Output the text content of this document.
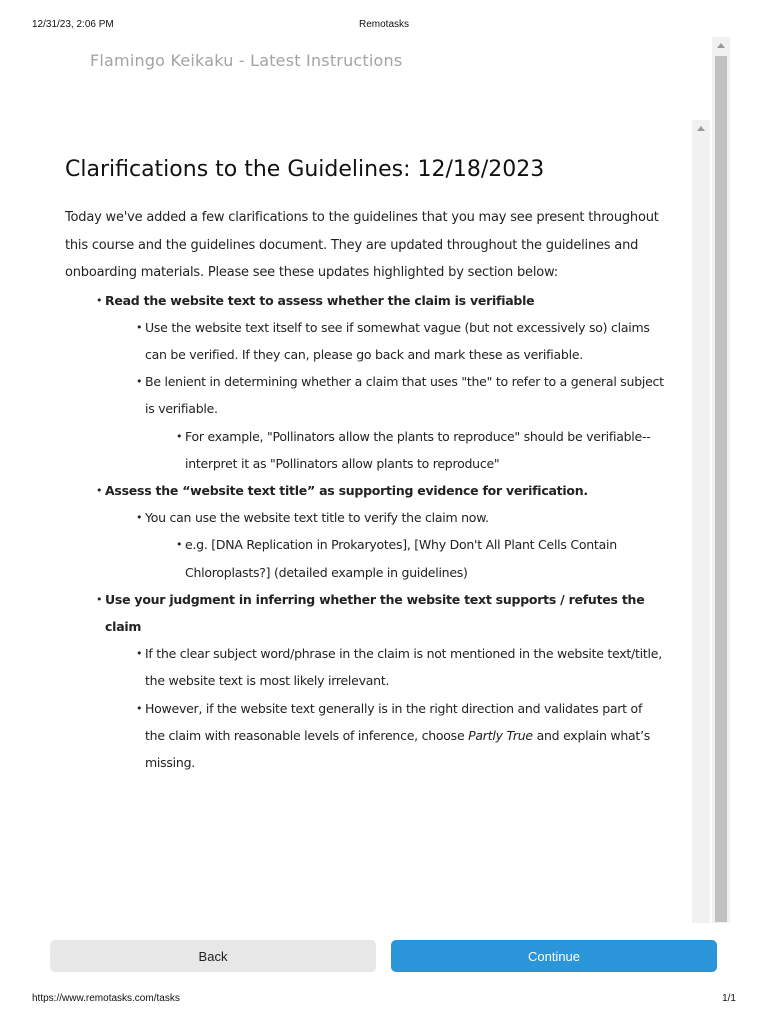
12/31/23, 2:06 PM	Remotasks
Flamingo Keikaku - Latest Instructions
Clarifications to the Guidelines: 12/18/2023
Today we've added a few clarifications to the guidelines that you may see present throughout this course and the guidelines document. They are updated throughout the guidelines and onboarding materials. Please see these updates highlighted by section below:
• Read the website text to assess whether the claim is verifiable
• Use the website text itself to see if somewhat vague (but not excessively so) claims can be verified. If they can, please go back and mark these as verifiable.
• Be lenient in determining whether a claim that uses "the" to refer to a general subject is verifiable.
• For example, "Pollinators allow the plants to reproduce" should be verifiable--interpret it as "Pollinators allow plants to reproduce"
• Assess the “website text title” as supporting evidence for verification.
• You can use the website text title to verify the claim now.
• e.g. [DNA Replication in Prokaryotes], [Why Don't All Plant Cells Contain Chloroplasts?] (detailed example in guidelines)
• Use your judgment in inferring whether the website text supports / refutes the claim
• If the clear subject word/phrase in the claim is not mentioned in the website text/title, the website text is most likely irrelevant.
• However, if the website text generally is in the right direction and validates part of the claim with reasonable levels of inference, choose Partly True and explain what’s missing.
Back	Continue
https://www.remotasks.com/tasks	1/1
